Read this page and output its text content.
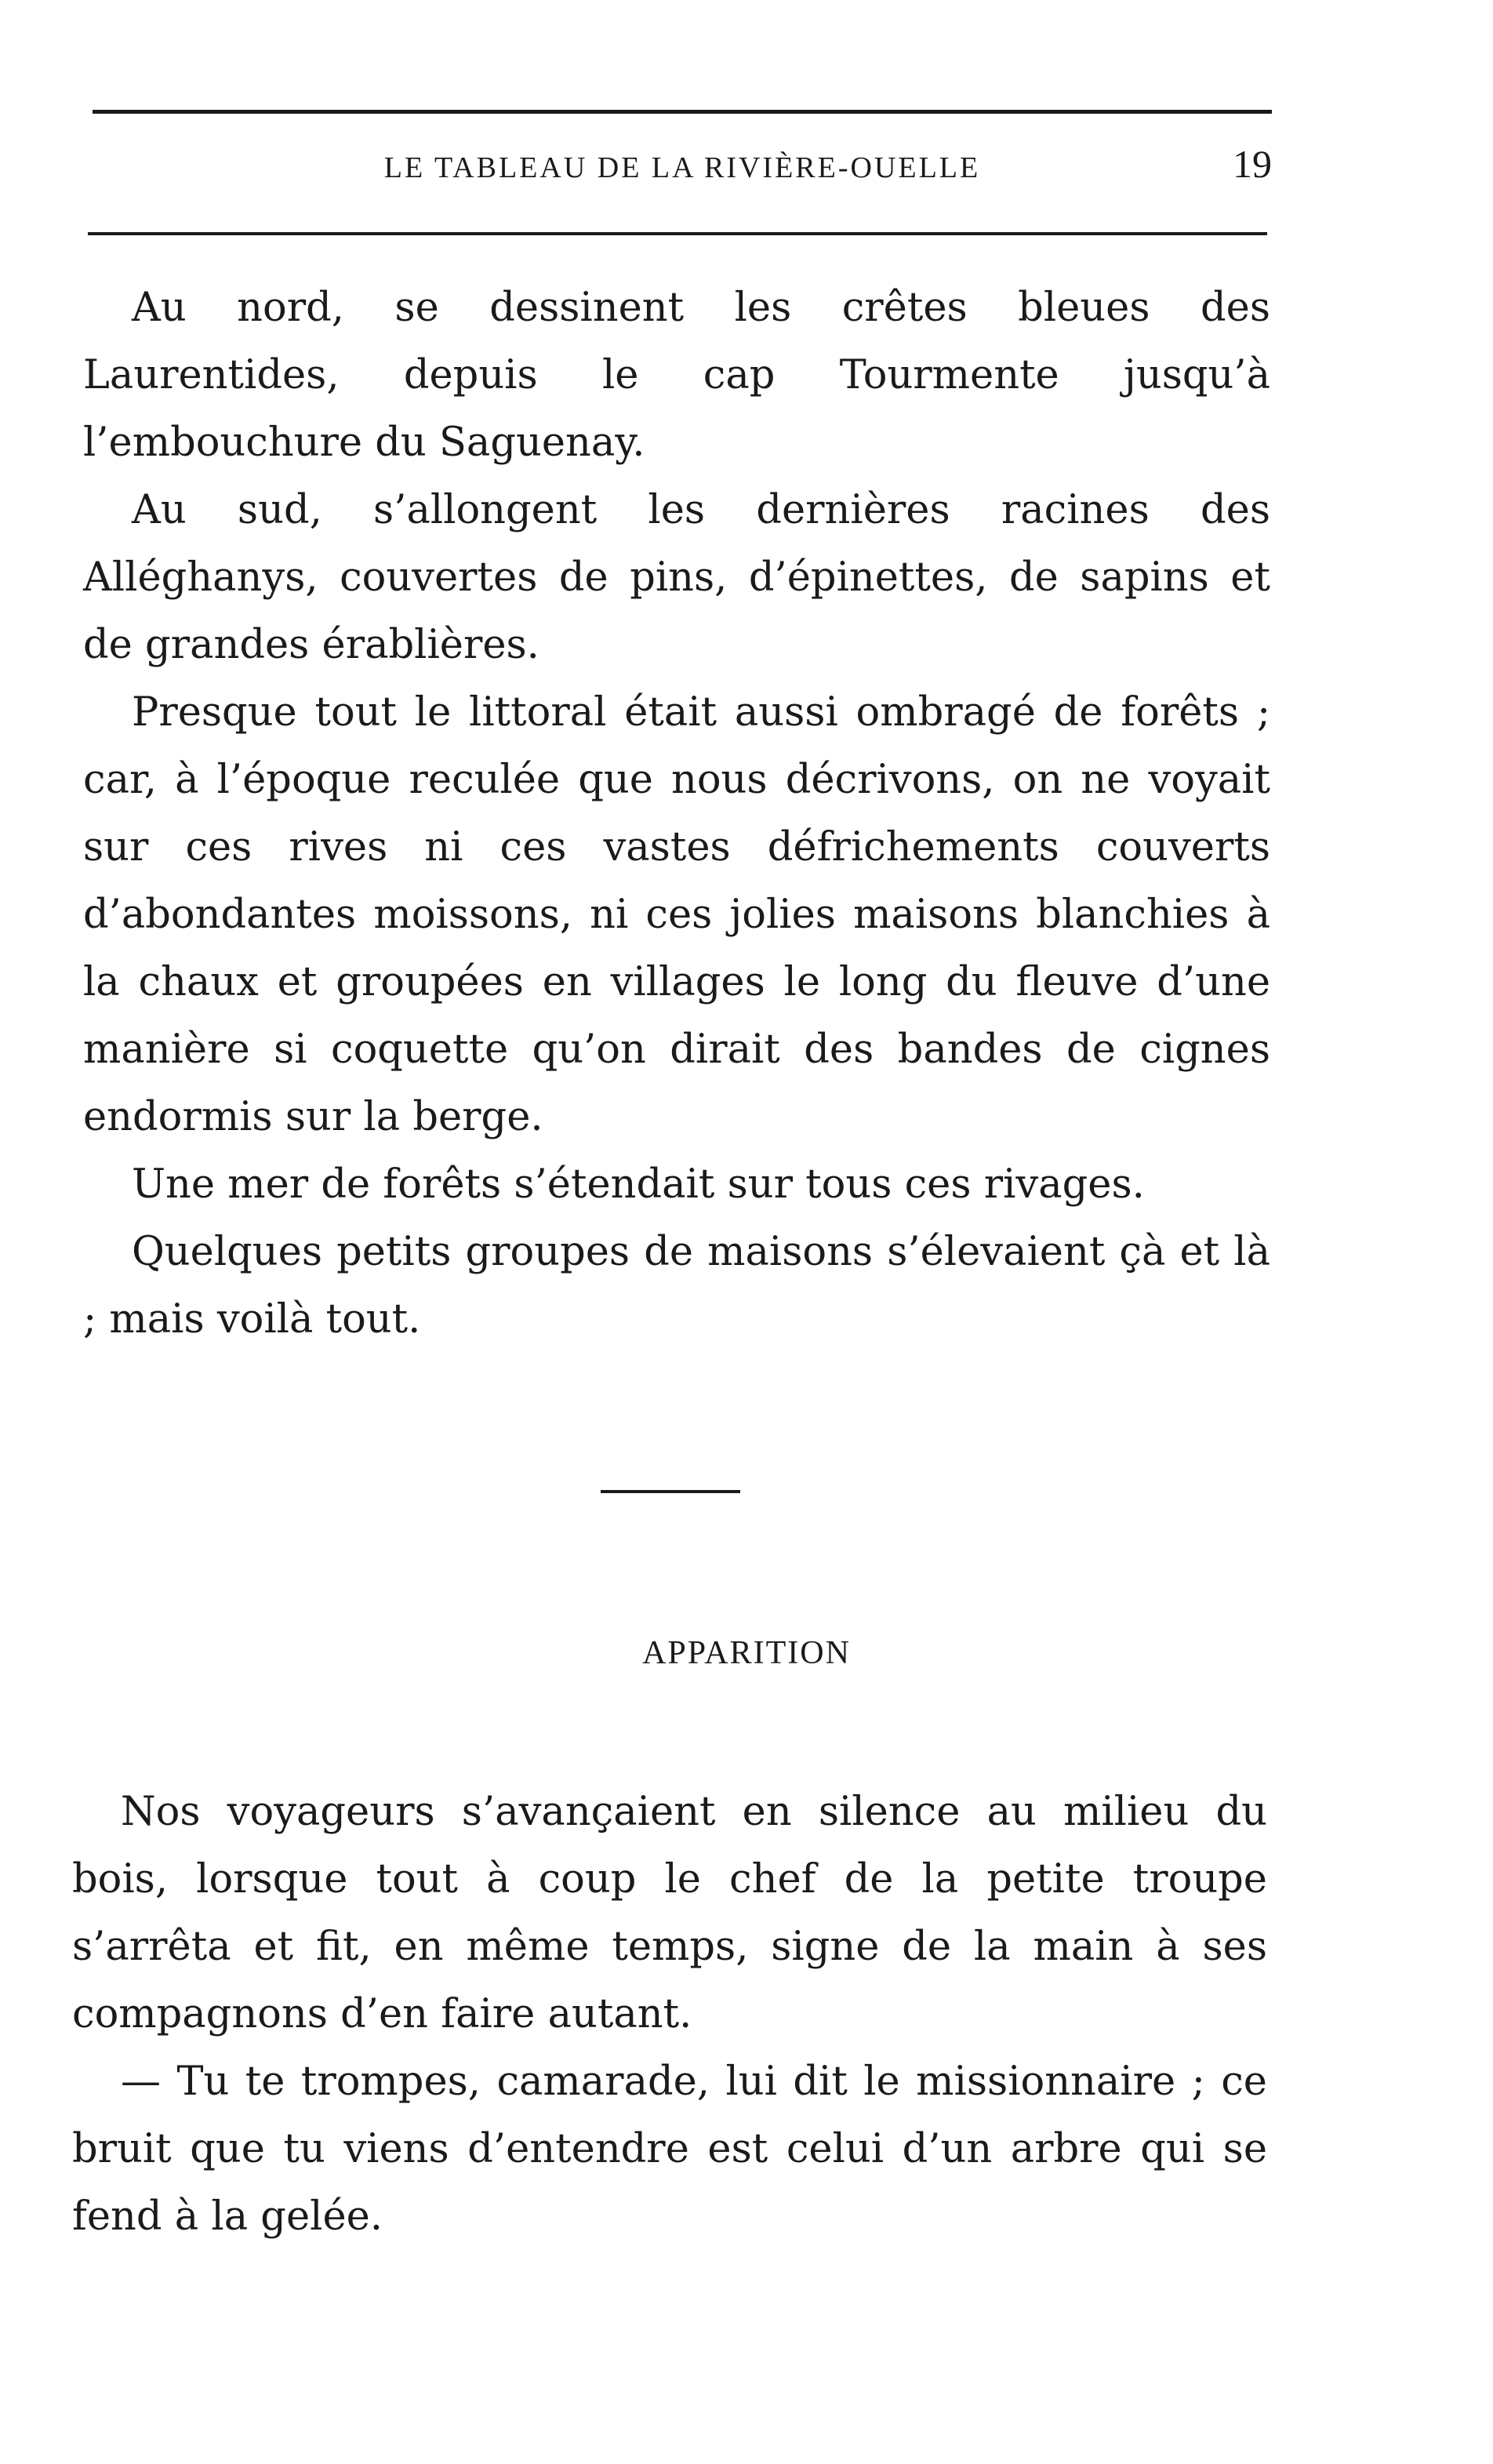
LE TABLEAU DE LA RIVIÈRE-OUELLE	19

Au nord, se dessinent les crêtes bleues des Laurentides, depuis le cap Tourmente jusqu’à l’embouchure du Saguenay.

Au sud, s’allongent les dernières racines des Alléghanys, couvertes de pins, d’épinettes, de sapins et de grandes érablières.

Presque tout le littoral était aussi ombragé de forêts ; car, à l’époque reculée que nous décrivons, on ne voyait sur ces rives ni ces vastes défrichements couverts d’abondantes moissons, ni ces jolies maisons blanchies à la chaux et groupées en villages le long du fleuve d’une manière si coquette qu’on dirait des bandes de cignes endormis sur la berge.

Une mer de forêts s’étendait sur tous ces rivages.

Quelques petits groupes de maisons s’élevaient çà et là ; mais voilà tout.

APPARITION

Nos voyageurs s’avançaient en silence au milieu du bois, lorsque tout à coup le chef de la petite troupe s’arrêta et fit, en même temps, signe de la main à ses compagnons d’en faire autant.

— Tu te trompes, camarade, lui dit le missionnaire ; ce bruit que tu viens d’entendre est celui d’un arbre qui se fend à la gelée.
